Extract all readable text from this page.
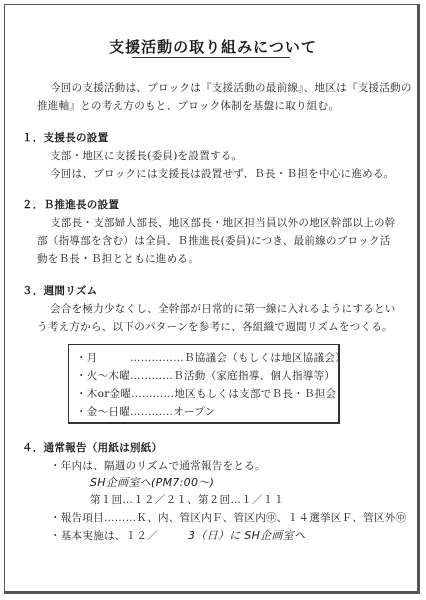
支援活動の取り組みについて
今回の支援活動は、ブロックは『支援活動の最前線』、地区は『支援活動の
推進軸』との考え方のもと、ブロック体制を基盤に取り組む。
１．支援長の設置
支部・地区に支援長(委員)を設置する。
今回は、ブロックには支援長は設置せず、Ｂ長・Ｂ担を中心に進める。
２．Ｂ推進長の設置
支部長・支部婦人部長、地区部長・地区担当員以外の地区幹部以上の幹
部（指導部を含む）は全員、Ｂ推進長(委員)につき、最前線のブロック活
動をＢ長・Ｂ担とともに進める。
３．週間リズム
会合を極力少なくし、全幹部が日常的に第一線に入れるようにするとい
う考え方から、以下のパターンを参考に、各組織で週間リズムをつくる。
・月　　　……………Ｂ協議会（もしくは地区協議会）
・火～木曜…………Ｂ活動（家庭指導、個人指導等）
・木or金曜…………地区もしくは支部でＢ長・Ｂ担会
・金～日曜…………オープン
４．通常報告（用紙は別紙）
・年内は、隔週のリズムで通常報告をとる。
SH企画室へ(PM7:00〜)
第１回…１２／２１、第２回…１／１１
・報告項目………Ｋ、内、管区内Ｆ、管区内㊥、１４選挙区Ｆ、管区外㊥
・基本実施は、１２／	3（日）に SH企画室へ
